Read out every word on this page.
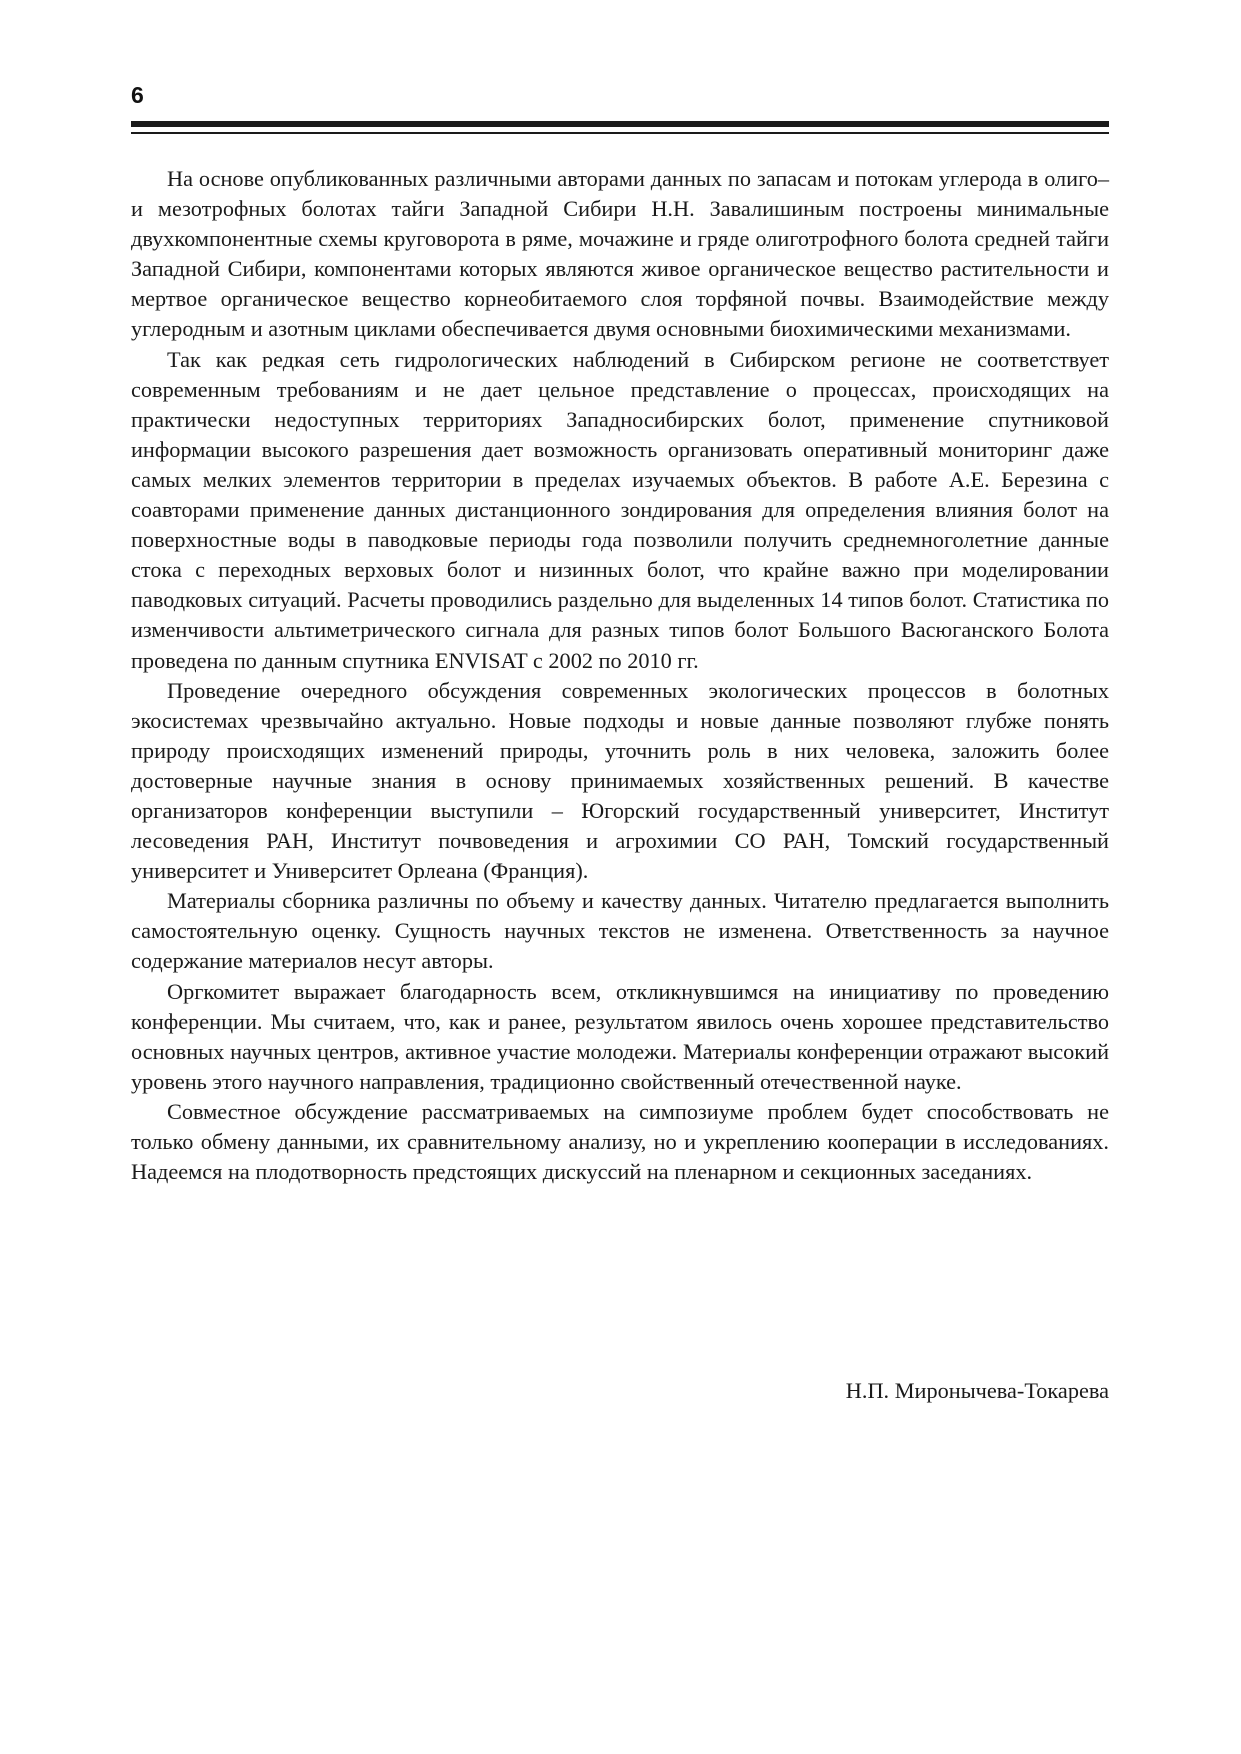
6

На основе опубликованных различными авторами данных по запасам и потокам углерода в олиго– и мезотрофных болотах тайги Западной Сибири Н.Н. Завалишиным построены минимальные двухкомпонентные схемы круговорота в ряме, мочажине и гряде олиготрофного болота средней тайги Западной Сибири, компонентами которых являются живое органическое вещество растительности и мертвое органическое вещество корнеобитаемого слоя торфяной почвы. Взаимодействие между углеродным и азотным циклами обеспечивается двумя основными биохимическими механизмами.

Так как редкая сеть гидрологических наблюдений в Сибирском регионе не соответствует современным требованиям и не дает цельное представление о процессах, происходящих на практически недоступных территориях Западносибирских болот, применение спутниковой информации высокого разрешения дает возможность организовать оперативный мониторинг даже самых мелких элементов территории в пределах изучаемых объектов. В работе А.Е. Березина с соавторами применение данных дистанционного зондирования для определения влияния болот на поверхностные воды в паводковые периоды года позволили получить среднемноголетние данные стока с переходных верховых болот и низинных болот, что крайне важно при моделировании паводковых ситуаций. Расчеты проводились раздельно для выделенных 14 типов болот. Статистика по изменчивости альтиметрического сигнала для разных типов болот Большого Васюганского Болота проведена по данным спутника ENVISAT с 2002 по 2010 гг.

Проведение очередного обсуждения современных экологических процессов в болотных экосистемах чрезвычайно актуально. Новые подходы и новые данные позволяют глубже понять природу происходящих изменений природы, уточнить роль в них человека, заложить более достоверные научные знания в основу принимаемых хозяйственных решений. В качестве организаторов конференции выступили – Югорский государственный университет, Институт лесоведения РАН, Институт почвоведения и агрохимии СО РАН, Томский государственный университет и Университет Орлеана (Франция).

Материалы сборника различны по объему и качеству данных. Читателю предлагается выполнить самостоятельную оценку. Сущность научных текстов не изменена. Ответственность за научное содержание материалов несут авторы.

Оргкомитет выражает благодарность всем, откликнувшимся на инициативу по проведению конференции. Мы считаем, что, как и ранее, результатом явилось очень хорошее представительство основных научных центров, активное участие молодежи. Материалы конференции отражают высокий уровень этого научного направления, традиционно свойственный отечественной науке.

Совместное обсуждение рассматриваемых на симпозиуме проблем будет способствовать не только обмену данными, их сравнительному анализу, но и укреплению кооперации в исследованиях. Надеемся на плодотворность предстоящих дискуссий на пленарном и секционных заседаниях.

Н.П. Миронычева-Токарева
